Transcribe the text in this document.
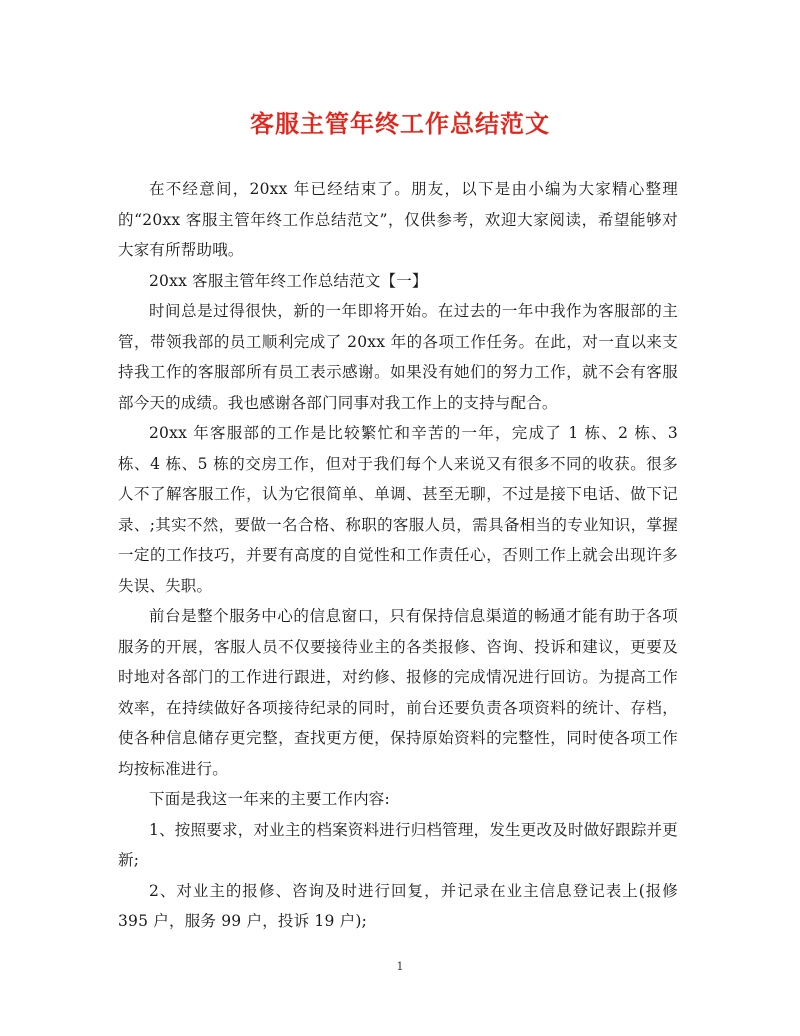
客服主管年终工作总结范文

在不经意间，20xx 年已经结束了。朋友，以下是由小编为大家精心整理的“20xx 客服主管年终工作总结范文”，仅供参考，欢迎大家阅读，希望能够对大家有所帮助哦。

20xx 客服主管年终工作总结范文【一】

时间总是过得很快，新的一年即将开始。在过去的一年中我作为客服部的主管，带领我部的员工顺利完成了 20xx 年的各项工作任务。在此，对一直以来支持我工作的客服部所有员工表示感谢。如果没有她们的努力工作，就不会有客服部今天的成绩。我也感谢各部门同事对我工作上的支持与配合。

20xx 年客服部的工作是比较繁忙和辛苦的一年，完成了 1 栋、2 栋、3 栋、4 栋、5 栋的交房工作，但对于我们每个人来说又有很多不同的收获。很多人不了解客服工作，认为它很简单、单调、甚至无聊，不过是接下电话、做下记录、;其实不然，要做一名合格、称职的客服人员，需具备相当的专业知识，掌握一定的工作技巧，并要有高度的自觉性和工作责任心，否则工作上就会出现许多失误、失职。

前台是整个服务中心的信息窗口，只有保持信息渠道的畅通才能有助于各项服务的开展，客服人员不仅要接待业主的各类报修、咨询、投诉和建议，更要及时地对各部门的工作进行跟进，对约修、报修的完成情况进行回访。为提高工作效率，在持续做好各项接待纪录的同时，前台还要负责各项资料的统计、存档，使各种信息储存更完整，查找更方便，保持原始资料的完整性，同时使各项工作均按标准进行。

下面是我这一年来的主要工作内容:

1、按照要求，对业主的档案资料进行归档管理，发生更改及时做好跟踪并更新;

2、对业主的报修、咨询及时进行回复，并记录在业主信息登记表上(报修 395 户，服务 99 户，投诉 19 户);

1
